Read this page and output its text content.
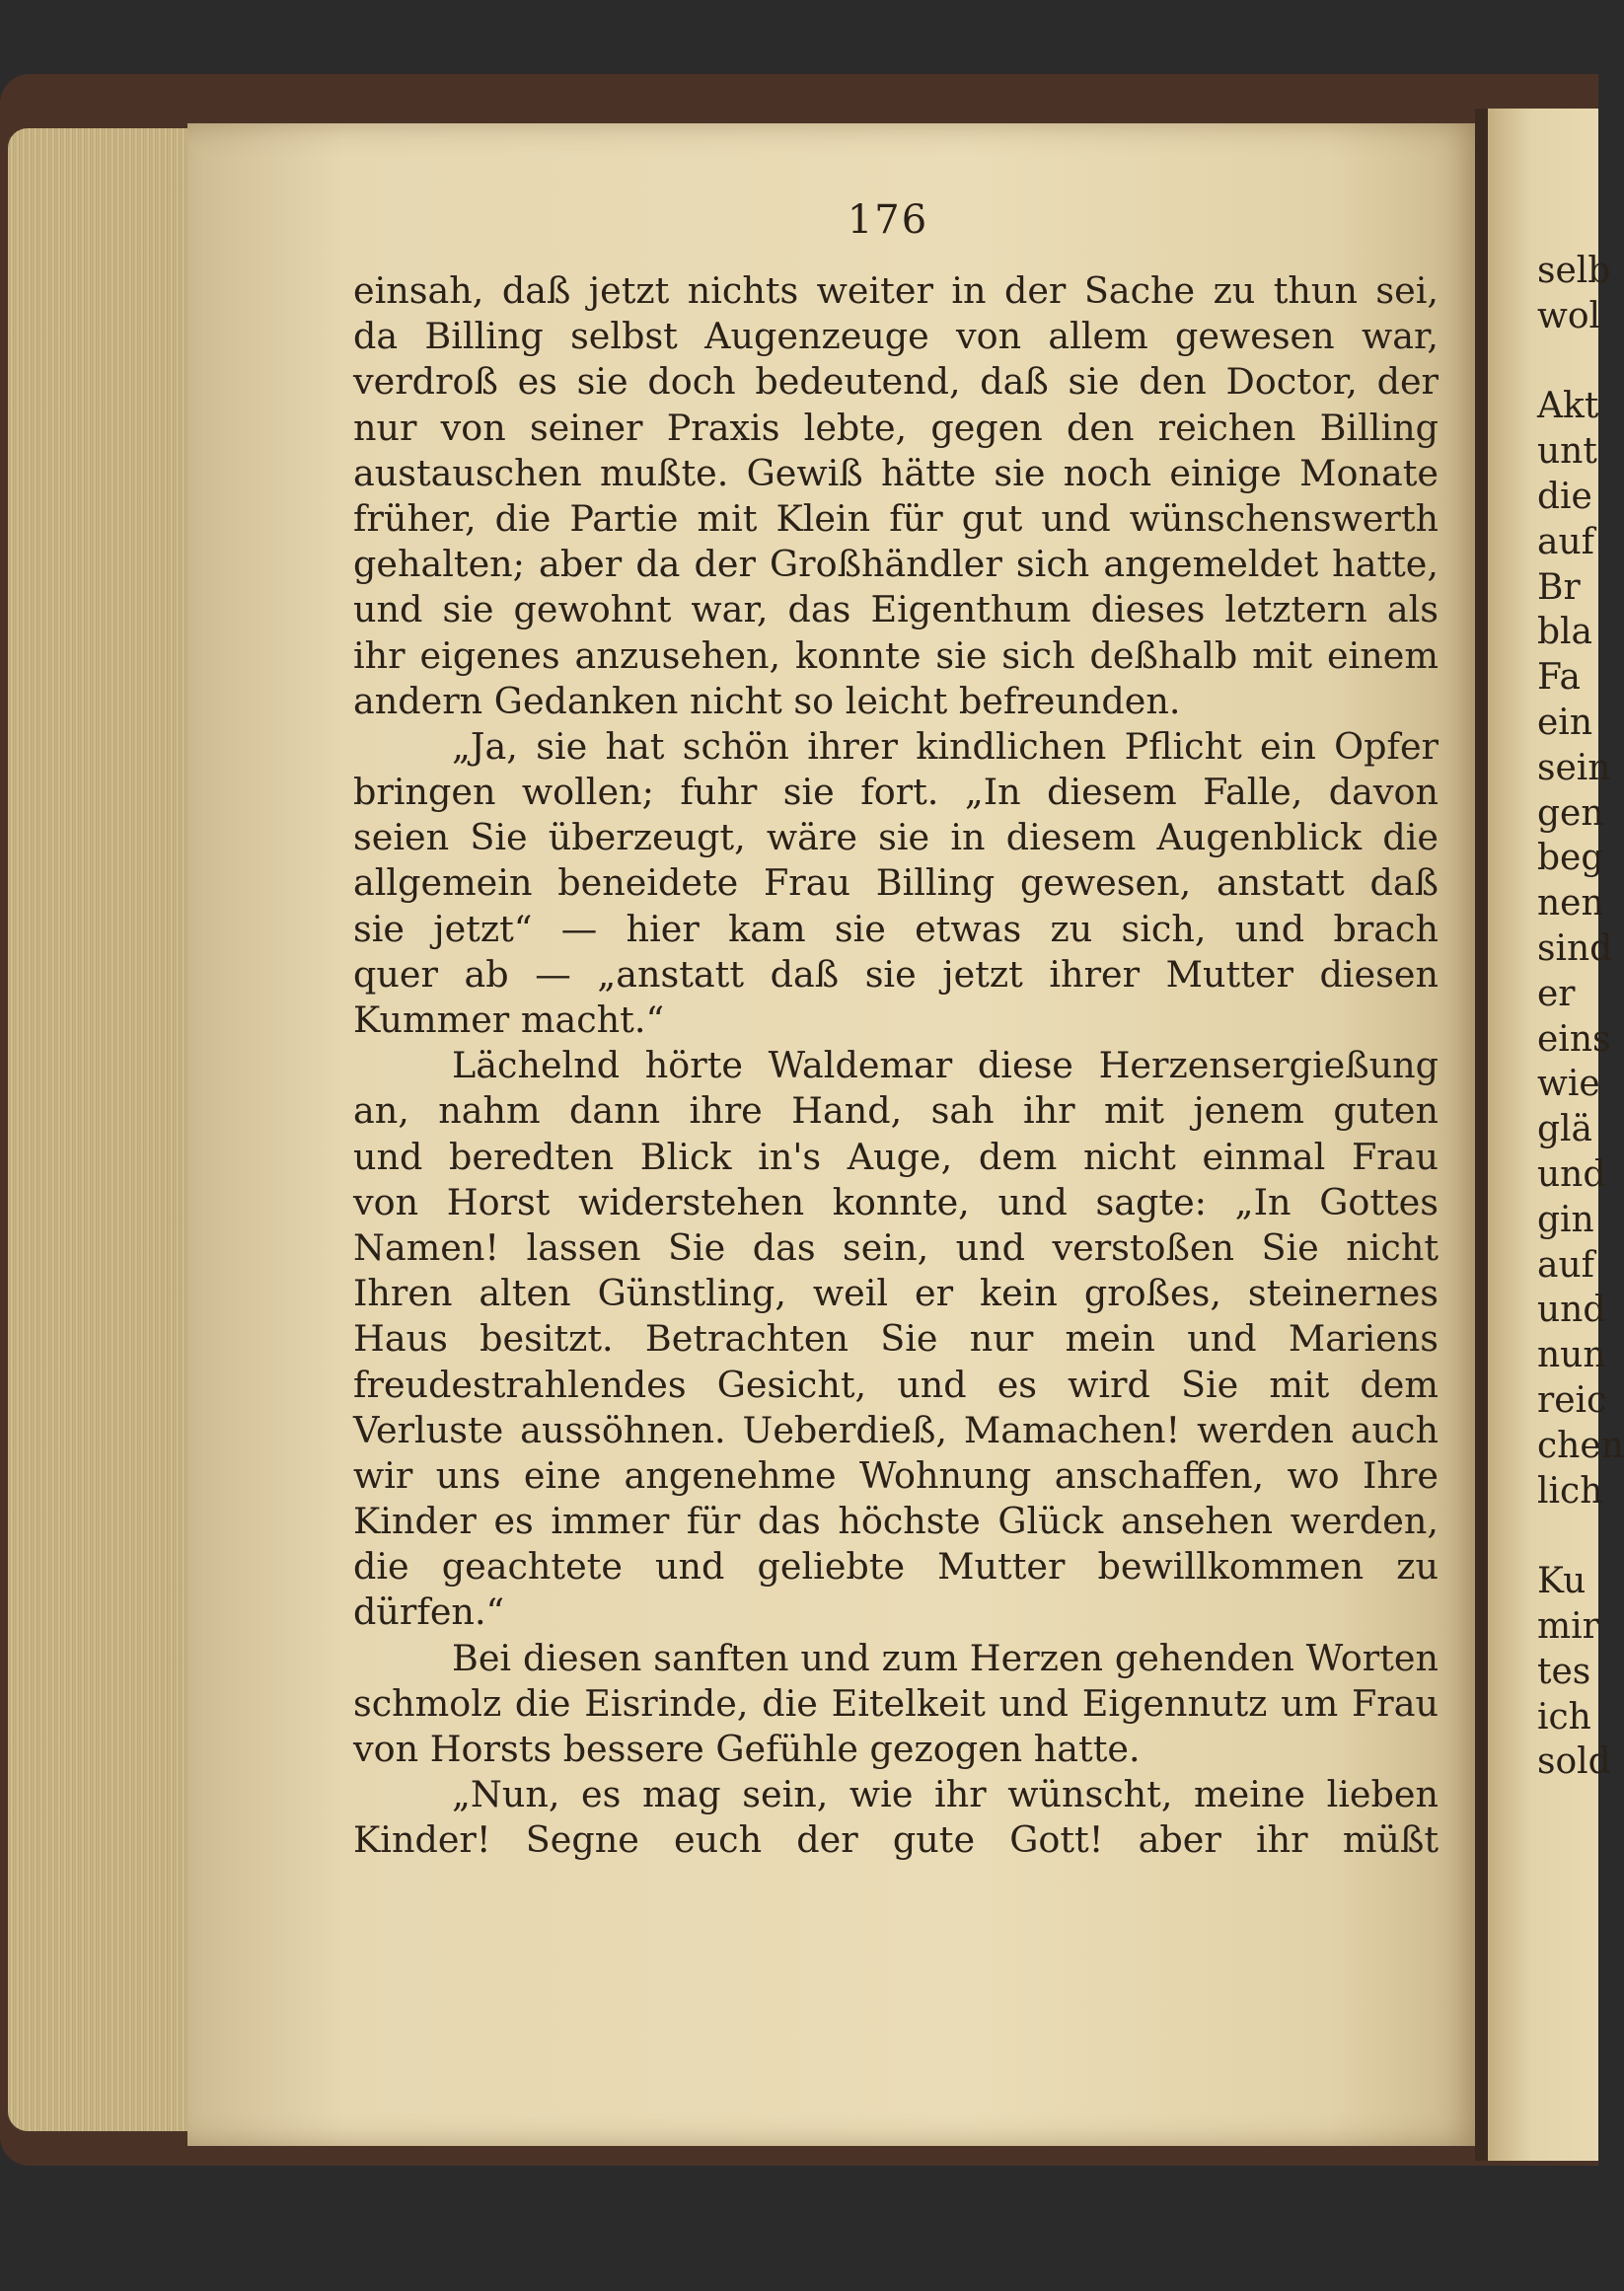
selb
wol
Akt
unt
die
auf
Br
bla
Fa
ein
sein
gen
beg
nen
sind
er
eins
wie
glä
und
gin
auf
und
nun
reic
chen
lich
Ku
mir
tes
ich
sold
176
einsah, daß jetzt nichts weiter in der Sache zu thun sei,
da Billing selbst Augenzeuge von allem gewesen war,
verdroß es sie doch bedeutend, daß sie den Doctor, der
nur von seiner Praxis lebte, gegen den reichen Billing
austauschen mußte. Gewiß hätte sie noch einige Monate
früher, die Partie mit Klein für gut und wünschenswerth
gehalten; aber da der Großhändler sich angemeldet hatte,
und sie gewohnt war, das Eigenthum dieses letztern als
ihr eigenes anzusehen, konnte sie sich deßhalb mit einem
andern Gedanken nicht so leicht befreunden.
„Ja, sie hat schön ihrer kindlichen Pflicht ein Opfer
bringen wollen; fuhr sie fort. „In diesem Falle, davon
seien Sie überzeugt, wäre sie in diesem Augenblick die
allgemein beneidete Frau Billing gewesen, anstatt daß
sie jetzt“ — hier kam sie etwas zu sich, und brach
quer ab — „anstatt daß sie jetzt ihrer Mutter diesen
Kummer macht.“
Lächelnd hörte Waldemar diese Herzensergießung
an, nahm dann ihre Hand, sah ihr mit jenem guten
und beredten Blick in's Auge, dem nicht einmal Frau
von Horst widerstehen konnte, und sagte: „In Gottes
Namen! lassen Sie das sein, und verstoßen Sie nicht
Ihren alten Günstling, weil er kein großes, steinernes
Haus besitzt. Betrachten Sie nur mein und Mariens
freudestrahlendes Gesicht, und es wird Sie mit dem
Verluste aussöhnen. Ueberdieß, Mamachen! werden auch
wir uns eine angenehme Wohnung anschaffen, wo Ihre
Kinder es immer für das höchste Glück ansehen werden,
die geachtete und geliebte Mutter bewillkommen zu
dürfen.“
Bei diesen sanften und zum Herzen gehenden Worten
schmolz die Eisrinde, die Eitelkeit und Eigennutz um Frau
von Horsts bessere Gefühle gezogen hatte.
„Nun, es mag sein, wie ihr wünscht, meine lieben
Kinder! Segne euch der gute Gott! aber ihr müßt
